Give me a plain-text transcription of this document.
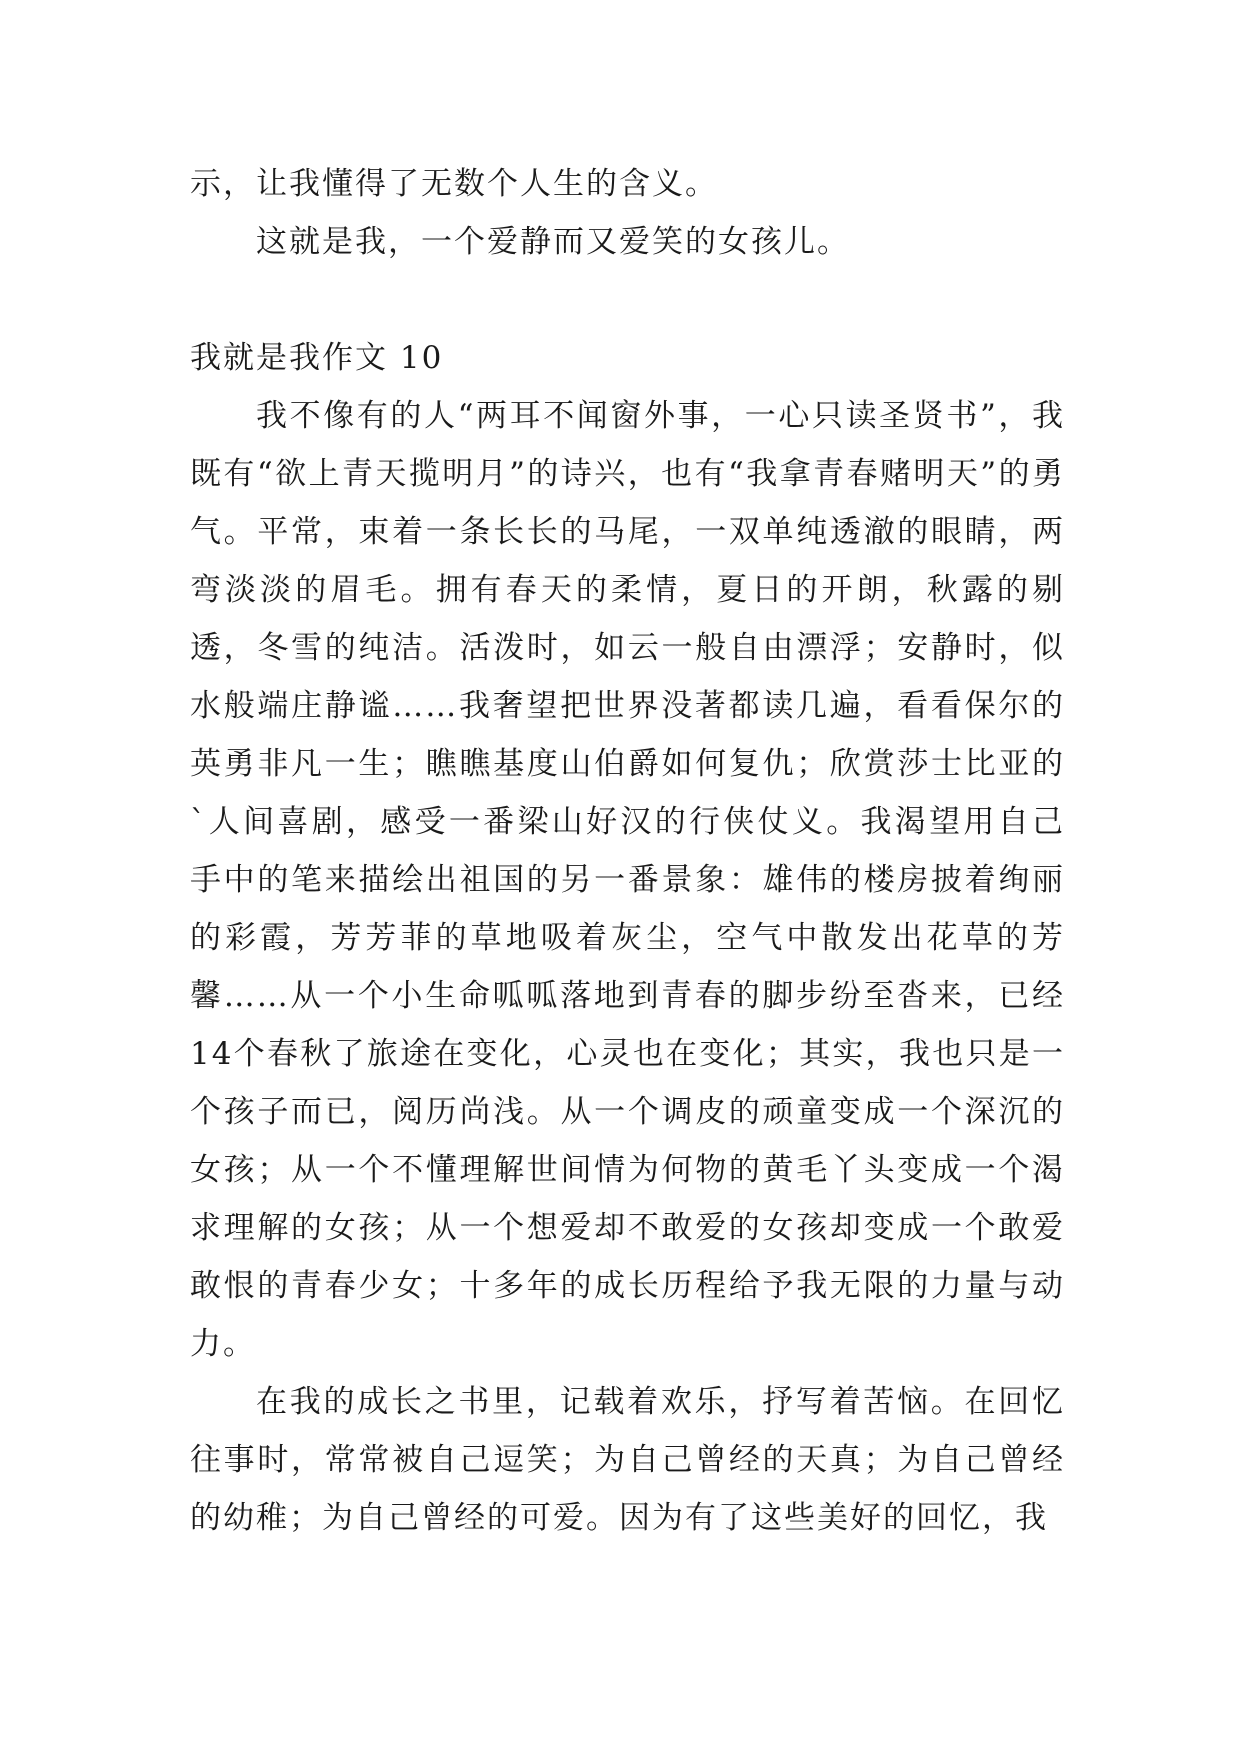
示，让我懂得了无数个人生的含义。

这就是我，一个爱静而又爱笑的女孩儿。

我就是我作文 10

我不像有的人“两耳不闻窗外事，一心只读圣贤书”，我既有“欲上青天揽明月”的诗兴，也有“我拿青春赌明天”的勇气。平常，束着一条长长的马尾，一双单纯透澈的眼睛，两弯淡淡的眉毛。拥有春天的柔情，夏日的开朗，秋露的剔透，冬雪的纯洁。活泼时，如云一般自由漂浮；安静时，似水般端庄静谧……我奢望把世界没著都读几遍，看看保尔的英勇非凡一生；瞧瞧基度山伯爵如何复仇；欣赏莎士比亚的`人间喜剧，感受一番梁山好汉的行侠仗义。我渴望用自己手中的笔来描绘出祖国的另一番景象：雄伟的楼房披着绚丽的彩霞，芳芳菲的草地吸着灰尘，空气中散发出花草的芳馨……从一个小生命呱呱落地到青春的脚步纷至沓来，已经14个春秋了旅途在变化，心灵也在变化；其实，我也只是一个孩子而已，阅历尚浅。从一个调皮的顽童变成一个深沉的女孩；从一个不懂理解世间情为何物的黄毛丫头变成一个渴求理解的女孩；从一个想爱却不敢爱的女孩却变成一个敢爱敢恨的青春少女；十多年的成长历程给予我无限的力量与动力。

在我的成长之书里，记载着欢乐，抒写着苦恼。在回忆往事时，常常被自己逗笑；为自己曾经的天真；为自己曾经的幼稚；为自己曾经的可爱。因为有了这些美好的回忆，我
